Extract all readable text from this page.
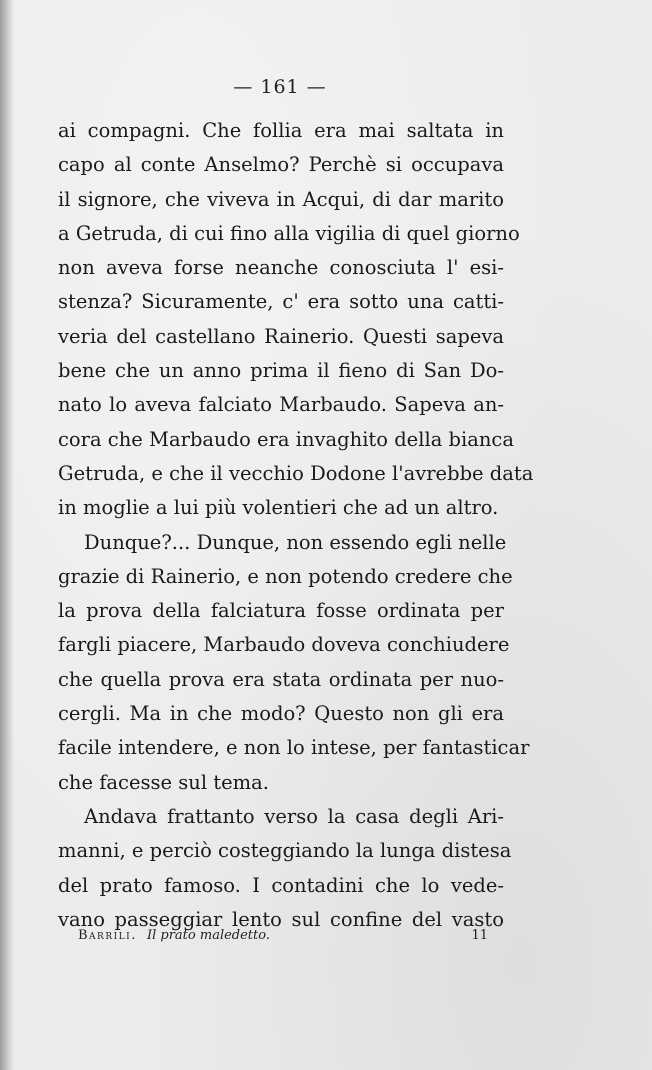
— 161 —
ai compagni. Che follia era mai saltata in
capo al conte Anselmo? Perchè si occupava
il signore, che viveva in Acqui, di dar marito
a Getruda, di cui fino alla vigilia di quel giorno
non aveva forse neanche conosciuta l' esi-
stenza? Sicuramente, c' era sotto una catti-
veria del castellano Rainerio. Questi sapeva
bene che un anno prima il fieno di San Do-
nato lo aveva falciato Marbaudo. Sapeva an-
cora che Marbaudo era invaghito della bianca
Getruda, e che il vecchio Dodone l'avrebbe data
in moglie a lui più volentieri che ad un altro.
Dunque?... Dunque, non essendo egli nelle
grazie di Rainerio, e non potendo credere che
la prova della falciatura fosse ordinata per
fargli piacere, Marbaudo doveva conchiudere
che quella prova era stata ordinata per nuo-
cergli. Ma in che modo? Questo non gli era
facile intendere, e non lo intese, per fantasticar
che facesse sul tema.
Andava frattanto verso la casa degli Ari-
manni, e perciò costeggiando la lunga distesa
del prato famoso. I contadini che lo vede-
vano passeggiar lento sul confine del vasto
Barrili. Il prato maledetto.	11
